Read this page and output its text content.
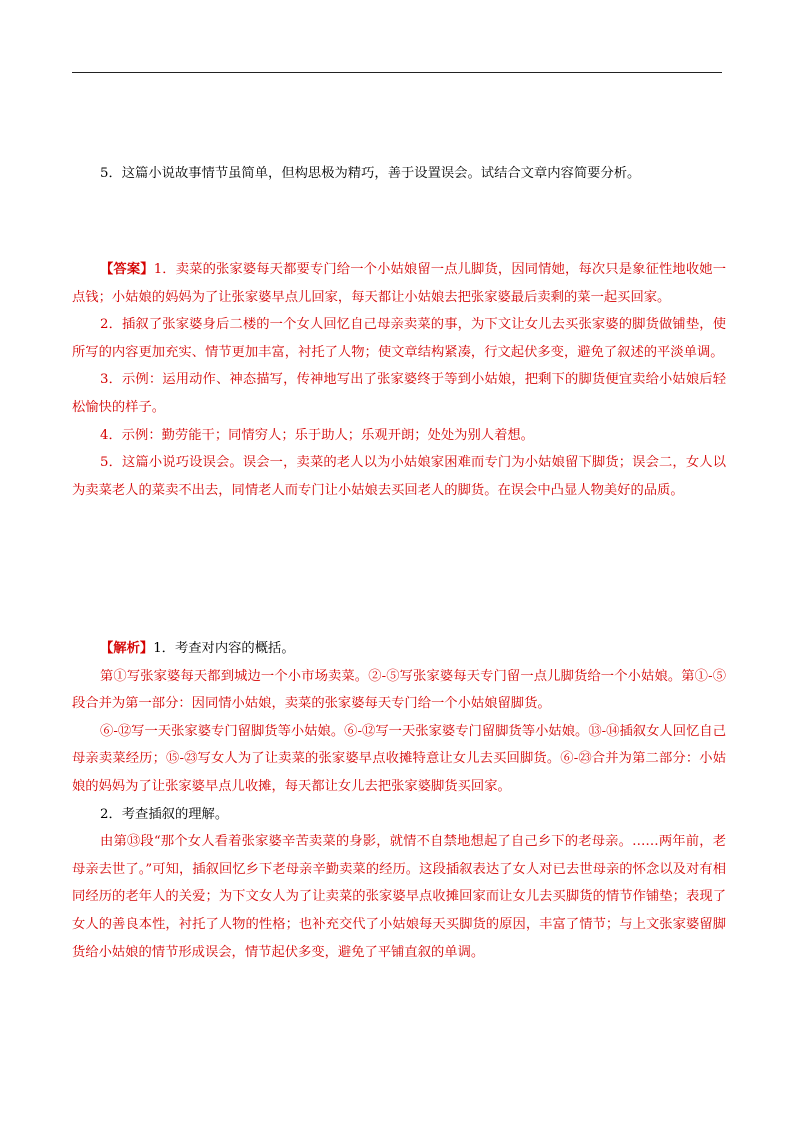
5．这篇小说故事情节虽简单，但构思极为精巧，善于设置误会。试结合文章内容简要分析。

【答案】1．卖菜的张家婆每天都要专门给一个小姑娘留一点儿脚货，因同情她，每次只是象征性地收她一点钱；小姑娘的妈妈为了让张家婆早点儿回家，每天都让小姑娘去把张家婆最后卖剩的菜一起买回家。

2．插叙了张家婆身后二楼的一个女人回忆自己母亲卖菜的事，为下文让女儿去买张家婆的脚货做铺垫，使所写的内容更加充实、情节更加丰富，衬托了人物；使文章结构紧凑，行文起伏多变，避免了叙述的平淡单调。

3．示例：运用动作、神态描写，传神地写出了张家婆终于等到小姑娘，把剩下的脚货便宜卖给小姑娘后轻松愉快的样子。

4．示例：勤劳能干；同情穷人；乐于助人；乐观开朗；处处为别人着想。

5．这篇小说巧设误会。误会一，卖菜的老人以为小姑娘家困难而专门为小姑娘留下脚货；误会二，女人以为卖菜老人的菜卖不出去，同情老人而专门让小姑娘去买回老人的脚货。在误会中凸显人物美好的品质。

【解析】1．考查对内容的概括。

第①写张家婆每天都到城边一个小市场卖菜。②-⑤写张家婆每天专门留一点儿脚货给一个小姑娘。第①-⑤段合并为第一部分：因同情小姑娘，卖菜的张家婆每天专门给一个小姑娘留脚货。

⑥-⑫写一天张家婆专门留脚货等小姑娘。⑥-⑫写一天张家婆专门留脚货等小姑娘。⑬-⑭插叙女人回忆自己母亲卖菜经历；⑮-㉓写女人为了让卖菜的张家婆早点收摊特意让女儿去买回脚货。⑥-㉓合并为第二部分：小姑娘的妈妈为了让张家婆早点儿收摊，每天都让女儿去把张家婆脚货买回家。

2．考查插叙的理解。

由第⑬段“那个女人看着张家婆辛苦卖菜的身影，就情不自禁地想起了自己乡下的老母亲。……两年前，老母亲去世了。”可知，插叙回忆乡下老母亲辛勤卖菜的经历。这段插叙表达了女人对已去世母亲的怀念以及对有相同经历的老年人的关爱；为下文女人为了让卖菜的张家婆早点收摊回家而让女儿去买脚货的情节作铺垫；表现了女人的善良本性，衬托了人物的性格；也补充交代了小姑娘每天买脚货的原因，丰富了情节；与上文张家婆留脚货给小姑娘的情节形成误会，情节起伏多变，避免了平铺直叙的单调。
